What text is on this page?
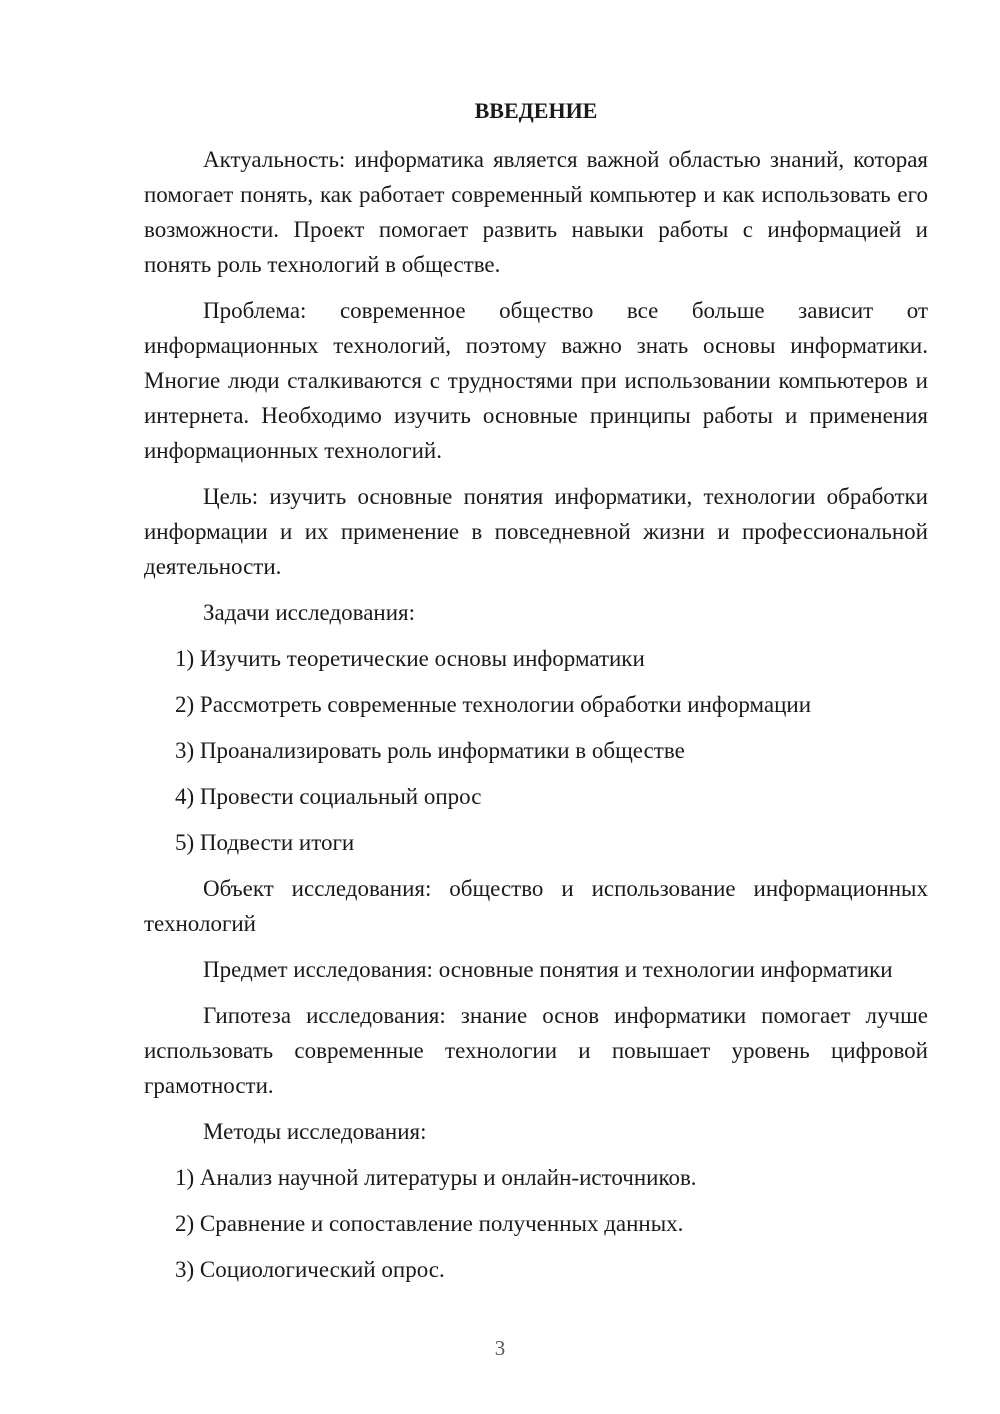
ВВЕДЕНИЕ

Актуальность: информатика является важной областью знаний, которая помогает понять, как работает современный компьютер и как использовать его возможности. Проект помогает развить навыки работы с информацией и понять роль технологий в обществе.

Проблема: современное общество все больше зависит от информационных технологий, поэтому важно знать основы информатики. Многие люди сталкиваются с трудностями при использовании компьютеров и интернета. Необходимо изучить основные принципы работы и применения информационных технологий.

Цель: изучить основные понятия информатики, технологии обработки информации и их применение в повседневной жизни и профессиональной деятельности.

Задачи исследования:

1) Изучить теоретические основы информатики
2) Рассмотреть современные технологии обработки информации
3) Проанализировать роль информатики в обществе
4) Провести социальный опрос
5) Подвести итоги

Объект исследования: общество и использование информационных технологий

Предмет исследования: основные понятия и технологии информатики

Гипотеза исследования: знание основ информатики помогает лучше использовать современные технологии и повышает уровень цифровой грамотности.

Методы исследования:

1) Анализ научной литературы и онлайн-источников.
2) Сравнение и сопоставление полученных данных.
3) Социологический опрос.
3
